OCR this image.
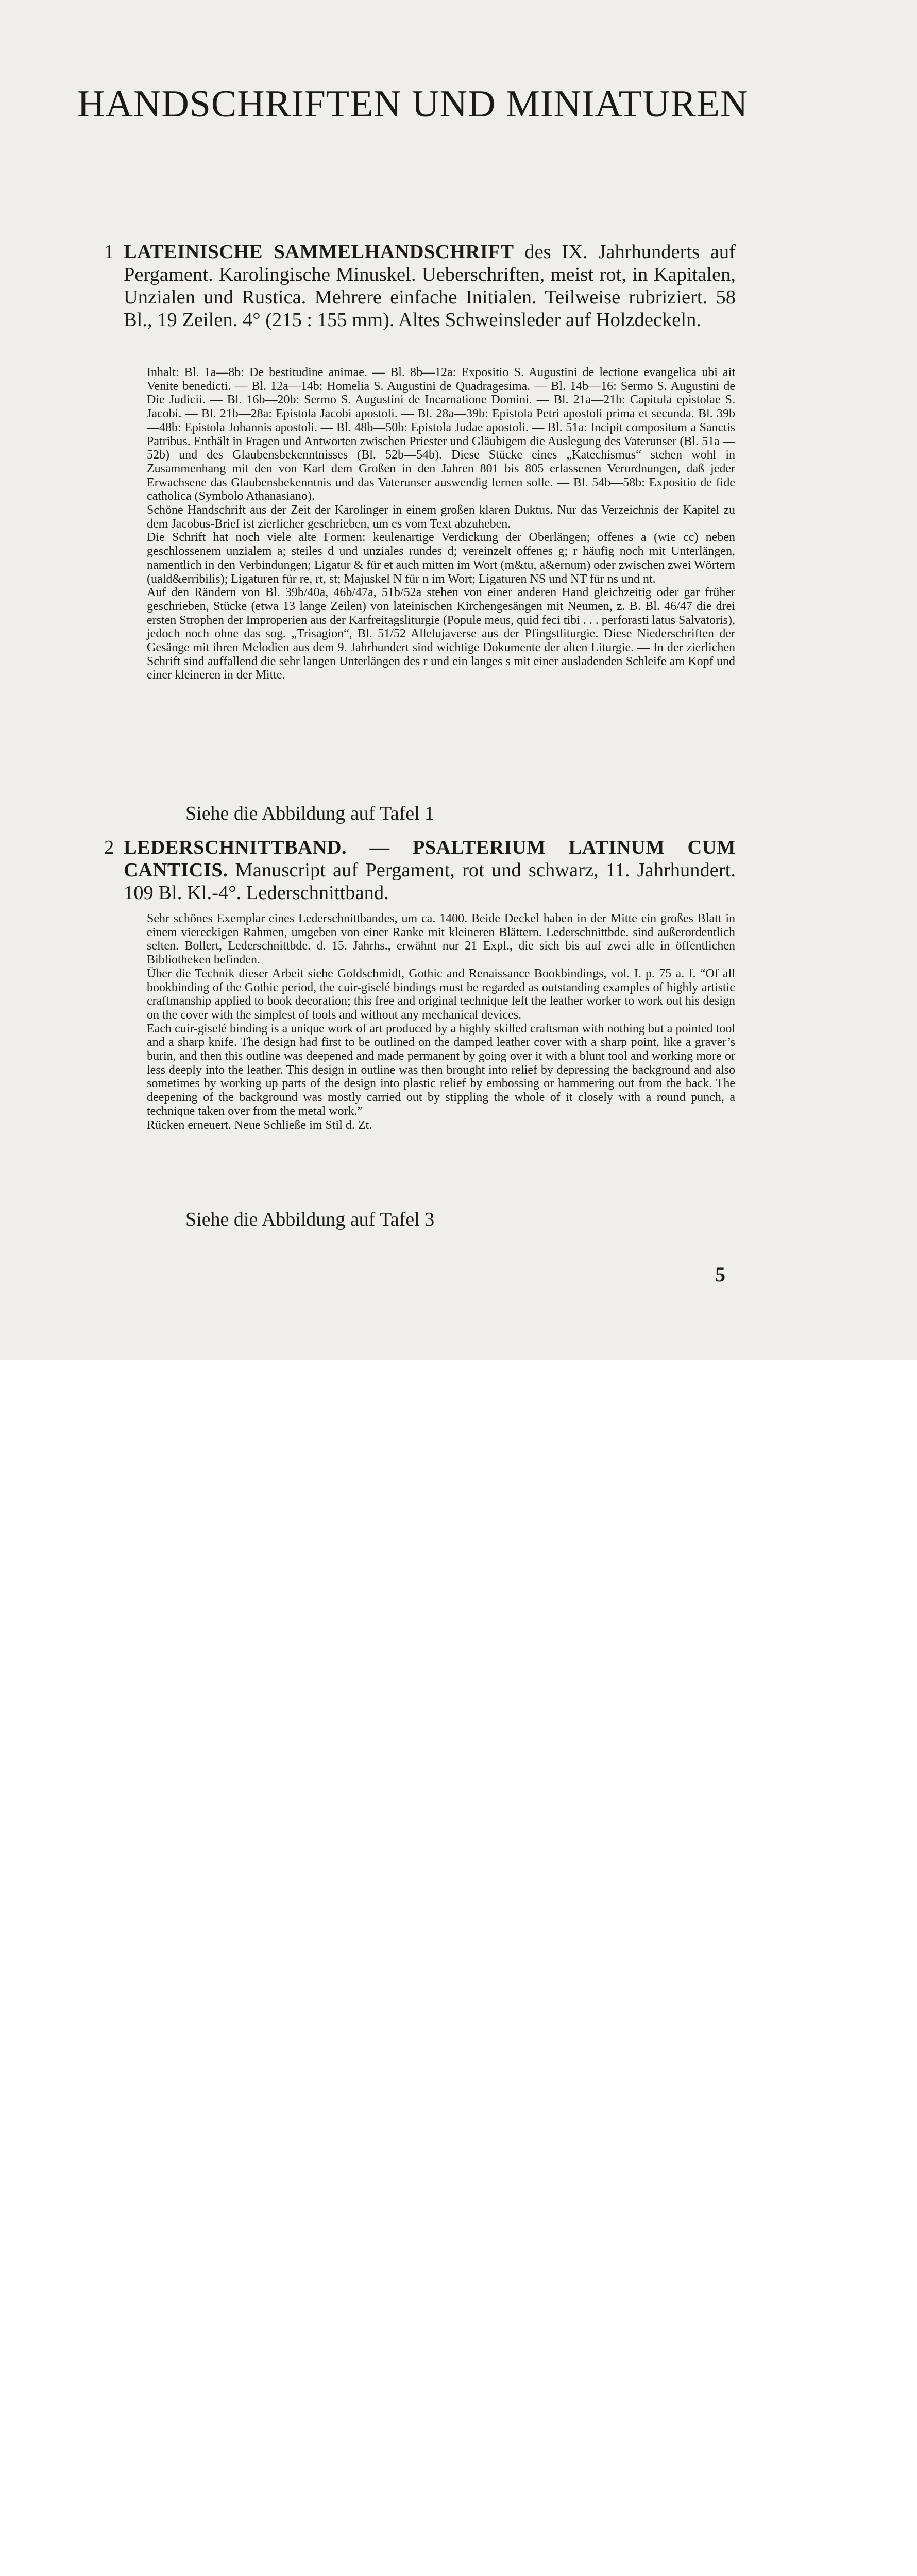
HANDSCHRIFTEN UND MINIATUREN
1 LATEINISCHE SAMMELHANDSCHRIFT des IX. Jahrhunderts auf Pergament. Karolingische Minuskel. Ueberschriften, meist rot, in Kapitalen, Unzialen und Rustica. Mehrere einfache Initialen. Teilweise rubriziert. 58 Bl., 19 Zeilen. 4° (215 : 155 mm). Altes Schweinsleder auf Holzdeckeln.

Inhalt: Bl. 1a—8b: De bestitudine animae. — Bl. 8b—12a: Expositio S. Augustini de lectione evangelica ubi ait Venite benedicti. — Bl. 12a—14b: Homelia S. Augustini de Quadragesima. — Bl. 14b—16: Sermo S. Augustini de Die Judicii. — Bl. 16b—20b: Sermo S. Augustini de Incarnatione Domini. — Bl. 21a—21b: Capitula epistolae S. Jacobi. — Bl. 21b—28a: Epistola Jacobi apostoli. — Bl. 28a—39b: Epistola Petri apostoli prima et secunda. Bl. 39b—48b: Epistola Johannis apostoli. — Bl. 48b—50b: Epistola Judae apostoli. — Bl. 51a: Incipit compositum a Sanctis Patribus. Enthält in Fragen und Antworten zwischen Priester und Gläubigem die Auslegung des Vaterunser (Bl. 51a — 52b) und des Glaubensbekenntnisses (Bl. 52b—54b). Diese Stücke eines „Katechismus“ stehen wohl in Zusammenhang mit den von Karl dem Großen in den Jahren 801 bis 805 erlassenen Verordnungen, daß jeder Erwachsene das Glaubensbekenntnis und das Vaterunser auswendig lernen solle. — Bl. 54b—58b: Expositio de fide catholica (Symbolo Athanasiano).

Schöne Handschrift aus der Zeit der Karolinger in einem großen klaren Duktus. Nur das Verzeichnis der Kapitel zu dem Jacobus-Brief ist zierlicher geschrieben, um es vom Text abzuheben.

Die Schrift hat noch viele alte Formen: keulenartige Verdickung der Oberlängen; offenes a (wie cc) neben geschlossenem unzialem a; steiles d und unziales rundes d; vereinzelt offenes g; r häufig noch mit Unterlängen, namentlich in den Verbindungen; Ligatur & für et auch mitten im Wort (m&tu, a&ernum) oder zwischen zwei Wörtern (uald&erribilis); Ligaturen für re, rt, st; Majuskel N für n im Wort; Ligaturen NS und NT für ns und nt.

Auf den Rändern von Bl. 39b/40a, 46b/47a, 51b/52a stehen von einer anderen Hand gleichzeitig oder gar früher geschrieben, Stücke (etwa 13 lange Zeilen) von lateinischen Kirchengesängen mit Neumen, z. B. Bl. 46/47 die drei ersten Strophen der Improperien aus der Karfreitagsliturgie (Popule meus, quid feci tibi . . . perforasti latus Salvatoris), jedoch noch ohne das sog. „Trisagion“, Bl. 51/52 Allelujaverse aus der Pfingstliturgie. Diese Niederschriften der Gesänge mit ihren Melodien aus dem 9. Jahrhundert sind wichtige Dokumente der alten Liturgie. — In der zierlichen Schrift sind auffallend die sehr langen Unterlängen des r und ein langes s mit einer ausladenden Schleife am Kopf und einer kleineren in der Mitte.

Siehe die Abbildung auf Tafel 1
2 LEDERSCHNITTBAND. — PSALTERIUM LATINUM CUM CANTICIS. Manuscript auf Pergament, rot und schwarz, 11. Jahrhundert. 109 Bl. Kl.-4°. Lederschnittband.

Sehr schönes Exemplar eines Lederschnittbandes, um ca. 1400. Beide Deckel haben in der Mitte ein großes Blatt in einem viereckigen Rahmen, umgeben von einer Ranke mit kleineren Blättern. Lederschnittbde. sind außerordentlich selten. Bollert, Lederschnittbde. d. 15. Jahrhs., erwähnt nur 21 Expl., die sich bis auf zwei alle in öffentlichen Bibliotheken befinden.

Über die Technik dieser Arbeit siehe Goldschmidt, Gothic and Renaissance Bookbindings, vol. I. p. 75 a. f. “Of all bookbinding of the Gothic period, the cuir-giselé bindings must be regarded as outstanding examples of highly artistic craftmanship applied to book decoration; this free and original technique left the leather worker to work out his design on the cover with the simplest of tools and without any mechanical devices.

Each cuir-giselé binding is a unique work of art produced by a highly skilled craftsman with nothing but a pointed tool and a sharp knife. The design had first to be outlined on the damped leather cover with a sharp point, like a graver’s burin, and then this outline was deepened and made permanent by going over it with a blunt tool and working more or less deeply into the leather. This design in outline was then brought into relief by depressing the background and also sometimes by working up parts of the design into plastic relief by embossing or hammering out from the back. The deepening of the background was mostly carried out by stippling the whole of it closely with a round punch, a technique taken over from the metal work.”

Rücken erneuert. Neue Schließe im Stil d. Zt.

Siehe die Abbildung auf Tafel 3
5
